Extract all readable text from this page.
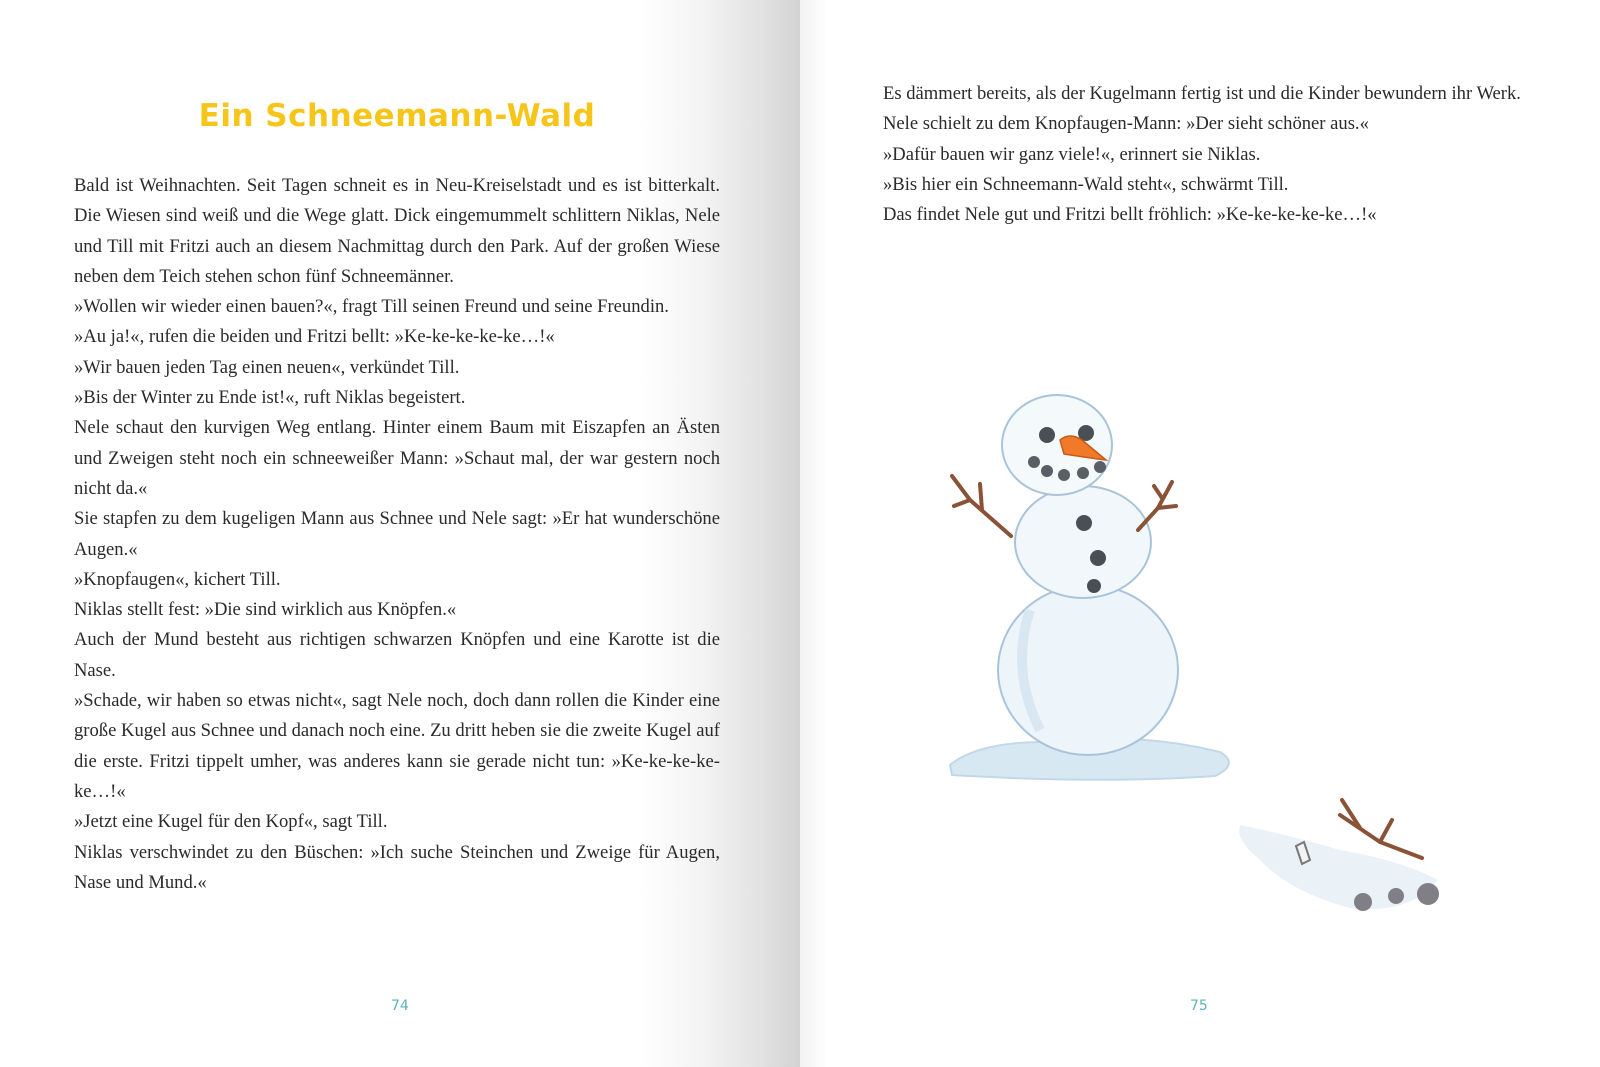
Ein Schneemann-Wald

Bald ist Weihnachten. Seit Tagen schneit es in Neu-Kreiselstadt und es ist bitterkalt. Die Wiesen sind weiß und die Wege glatt. Dick eingemummelt schlittern Niklas, Nele und Till mit Fritzi auch an diesem Nachmittag durch den Park. Auf der großen Wiese neben dem Teich stehen schon fünf Schneemänner.

»Wollen wir wieder einen bauen?«, fragt Till seinen Freund und seine Freundin.

»Au ja!«, rufen die beiden und Fritzi bellt: »Ke-ke-ke-ke-ke…!«

»Wir bauen jeden Tag einen neuen«, verkündet Till.

»Bis der Winter zu Ende ist!«, ruft Niklas begeistert.

Nele schaut den kurvigen Weg entlang. Hinter einem Baum mit Eiszapfen an Ästen und Zweigen steht noch ein schneeweißer Mann: »Schaut mal, der war gestern noch nicht da.«

Sie stapfen zu dem kugeligen Mann aus Schnee und Nele sagt: »Er hat wunderschöne Augen.«

»Knopfaugen«, kichert Till.

Niklas stellt fest: »Die sind wirklich aus Knöpfen.«

Auch der Mund besteht aus richtigen schwarzen Knöpfen und eine Karotte ist die Nase.

»Schade, wir haben so etwas nicht«, sagt Nele noch, doch dann rollen die Kinder eine große Kugel aus Schnee und danach noch eine. Zu dritt heben sie die zweite Kugel auf die erste. Fritzi tippelt umher, was anderes kann sie gerade nicht tun: »Ke-ke-ke-ke-ke…!«

»Jetzt eine Kugel für den Kopf«, sagt Till.

Niklas verschwindet zu den Büschen: »Ich suche Steinchen und Zweige für Augen, Nase und Mund.«

74

Es dämmert bereits, als der Kugelmann fertig ist und die Kinder bewundern ihr Werk.

Nele schielt zu dem Knopfaugen-Mann: »Der sieht schöner aus.«

»Dafür bauen wir ganz viele!«, erinnert sie Niklas.

»Bis hier ein Schneemann-Wald steht«, schwärmt Till.

Das findet Nele gut und Fritzi bellt fröhlich: »Ke-ke-ke-ke-ke…!«

75
